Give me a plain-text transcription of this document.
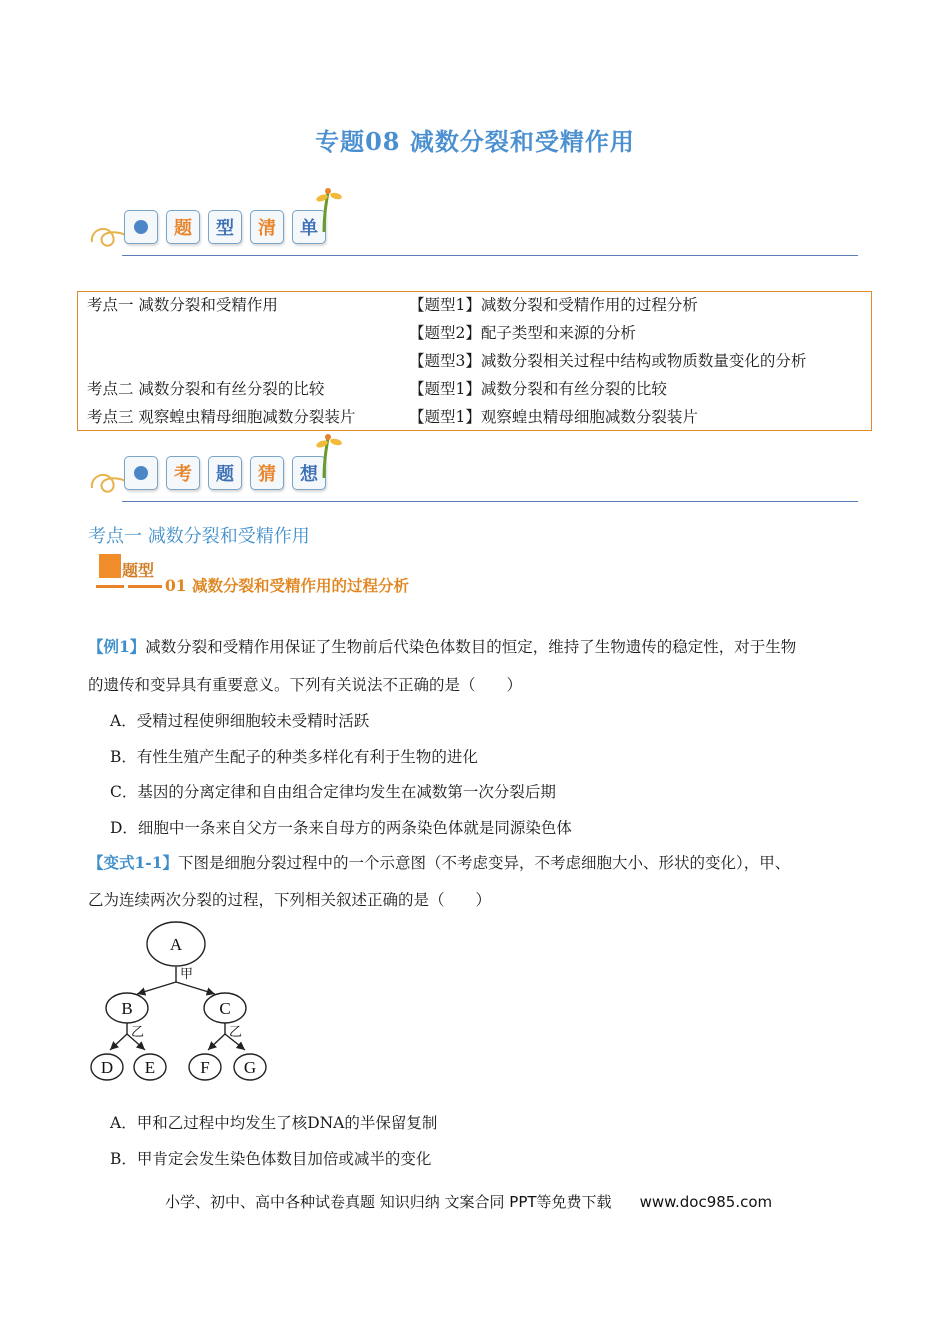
专题08 减数分裂和受精作用
题 型 清 单
考点一 减数分裂和受精作用	【题型1】减数分裂和受精作用的过程分析
【题型2】配子类型和来源的分析
【题型3】减数分裂相关过程中结构或物质数量变化的分析
考点二 减数分裂和有丝分裂的比较	【题型1】减数分裂和有丝分裂的比较
考点三 观察蝗虫精母细胞减数分裂装片	【题型1】观察蝗虫精母细胞减数分裂装片
考 题 猜 想
考点一 减数分裂和受精作用
题型
01 减数分裂和受精作用的过程分析
【例1】减数分裂和受精作用保证了生物前后代染色体数目的恒定，维持了生物遗传的稳定性，对于生物
的遗传和变异具有重要意义。下列有关说法不正确的是（　　）
A．受精过程使卵细胞较未受精时活跃
B．有性生殖产生配子的种类多样化有利于生物的进化
C．基因的分离定律和自由组合定律均发生在减数第一次分裂后期
D．细胞中一条来自父方一条来自母方的两条染色体就是同源染色体
【变式1-1】下图是细胞分裂过程中的一个示意图（不考虑变异，不考虑细胞大小、形状的变化），甲、
乙为连续两次分裂的过程，下列相关叙述正确的是（　　）
A
B	C
D E	F G
甲
乙	乙
A．甲和乙过程中均发生了核DNA的半保留复制
B．甲肯定会发生染色体数目加倍或减半的变化
小学、初中、高中各种试卷真题 知识归纳 文案合同 PPT等免费下载 www.doc985.com
